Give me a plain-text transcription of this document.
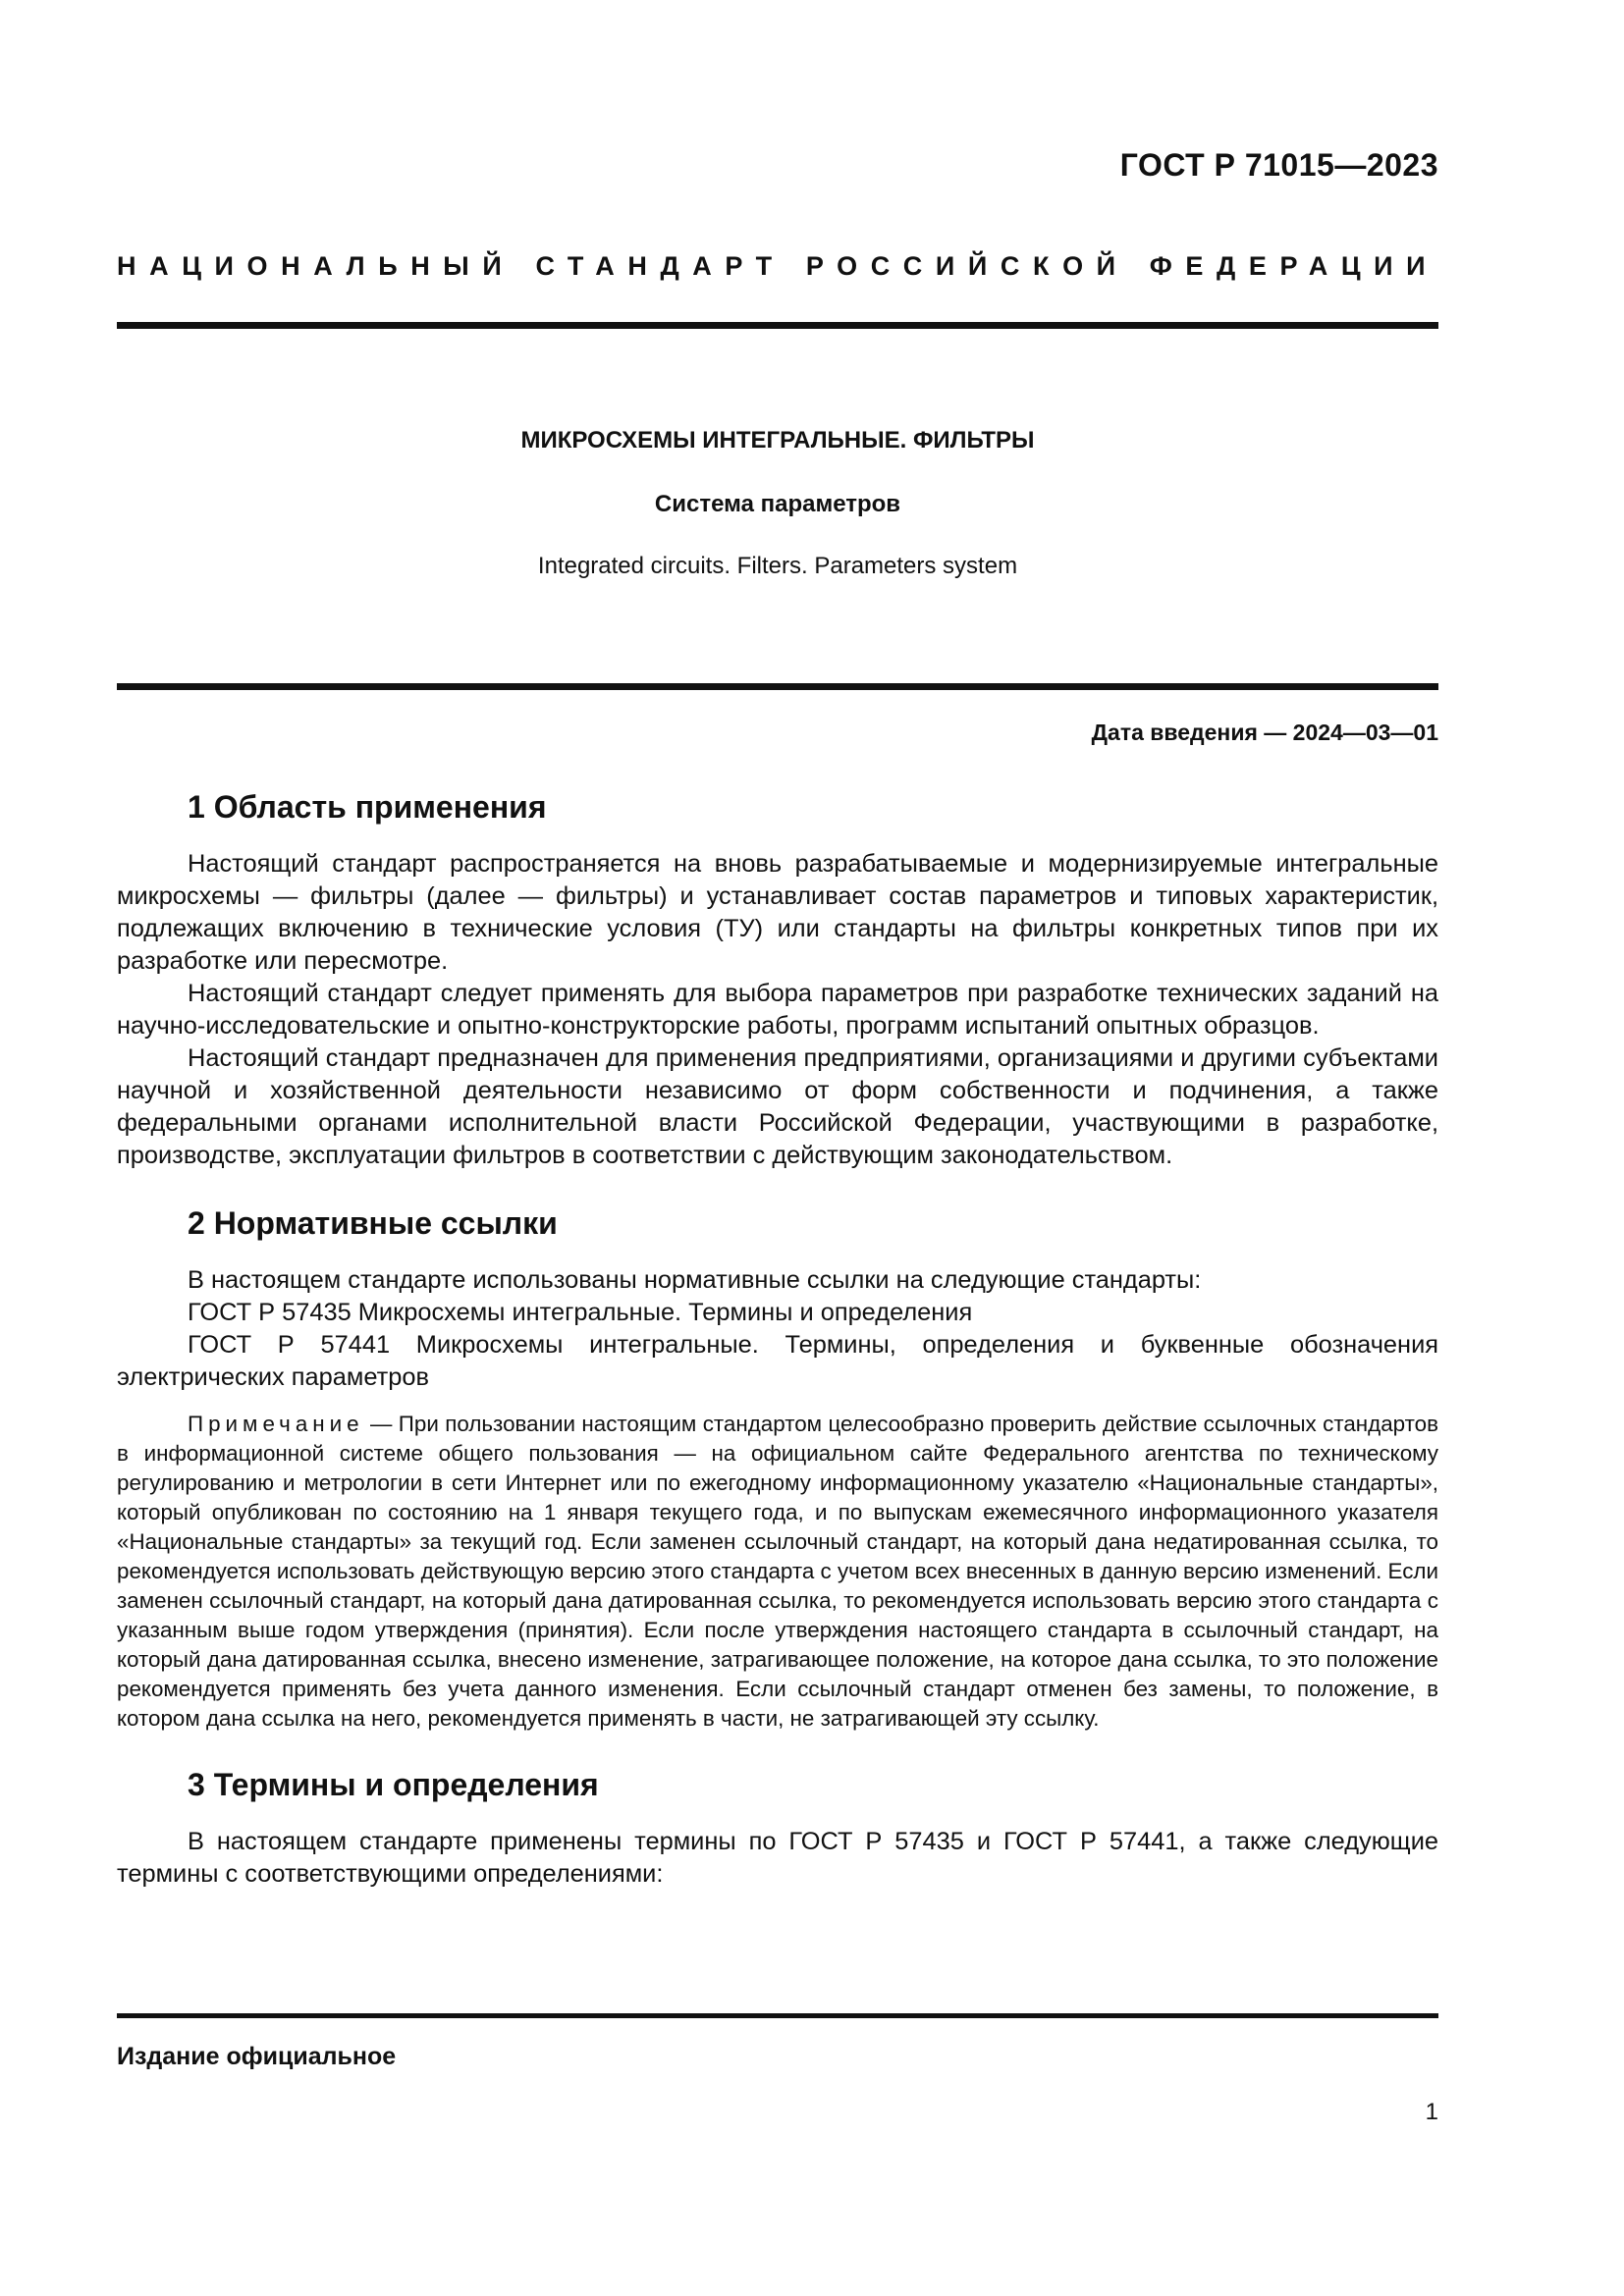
ГОСТ Р 71015—2023
НАЦИОНАЛЬНЫЙ СТАНДАРТ РОССИЙСКОЙ ФЕДЕРАЦИИ
МИКРОСХЕМЫ ИНТЕГРАЛЬНЫЕ. ФИЛЬТРЫ
Система параметров
Integrated circuits. Filters. Parameters system
Дата введения — 2024—03—01
1 Область применения

Настоящий стандарт распространяется на вновь разрабатываемые и модернизируемые интегральные микросхемы — фильтры (далее — фильтры) и устанавливает состав параметров и типовых характеристик, подлежащих включению в технические условия (ТУ) или стандарты на фильтры конкретных типов при их разработке или пересмотре.

Настоящий стандарт следует применять для выбора параметров при разработке технических заданий на научно-исследовательские и опытно-конструкторские работы, программ испытаний опытных образцов.

Настоящий стандарт предназначен для применения предприятиями, организациями и другими субъектами научной и хозяйственной деятельности независимо от форм собственности и подчинения, а также федеральными органами исполнительной власти Российской Федерации, участвующими в разработке, производстве, эксплуатации фильтров в соответствии с действующим законодательством.

2 Нормативные ссылки

В настоящем стандарте использованы нормативные ссылки на следующие стандарты:

ГОСТ Р 57435 Микросхемы интегральные. Термины и определения

ГОСТ Р 57441 Микросхемы интегральные. Термины, определения и буквенные обозначения электрических параметров

Примечание — При пользовании настоящим стандартом целесообразно проверить действие ссылочных стандартов в информационной системе общего пользования — на официальном сайте Федерального агентства по техническому регулированию и метрологии в сети Интернет или по ежегодному информационному указателю «Национальные стандарты», который опубликован по состоянию на 1 января текущего года, и по выпускам ежемесячного информационного указателя «Национальные стандарты» за текущий год. Если заменен ссылочный стандарт, на который дана недатированная ссылка, то рекомендуется использовать действующую версию этого стандарта с учетом всех внесенных в данную версию изменений. Если заменен ссылочный стандарт, на который дана датированная ссылка, то рекомендуется использовать версию этого стандарта с указанным выше годом утверждения (принятия). Если после утверждения настоящего стандарта в ссылочный стандарт, на который дана датированная ссылка, внесено изменение, затрагивающее положение, на которое дана ссылка, то это положение рекомендуется применять без учета данного изменения. Если ссылочный стандарт отменен без замены, то положение, в котором дана ссылка на него, рекомендуется применять в части, не затрагивающей эту ссылку.
3 Термины и определения

В настоящем стандарте применены термины по ГОСТ Р 57435 и ГОСТ Р 57441, а также следующие термины с соответствующими определениями:

Издание официальное
1
